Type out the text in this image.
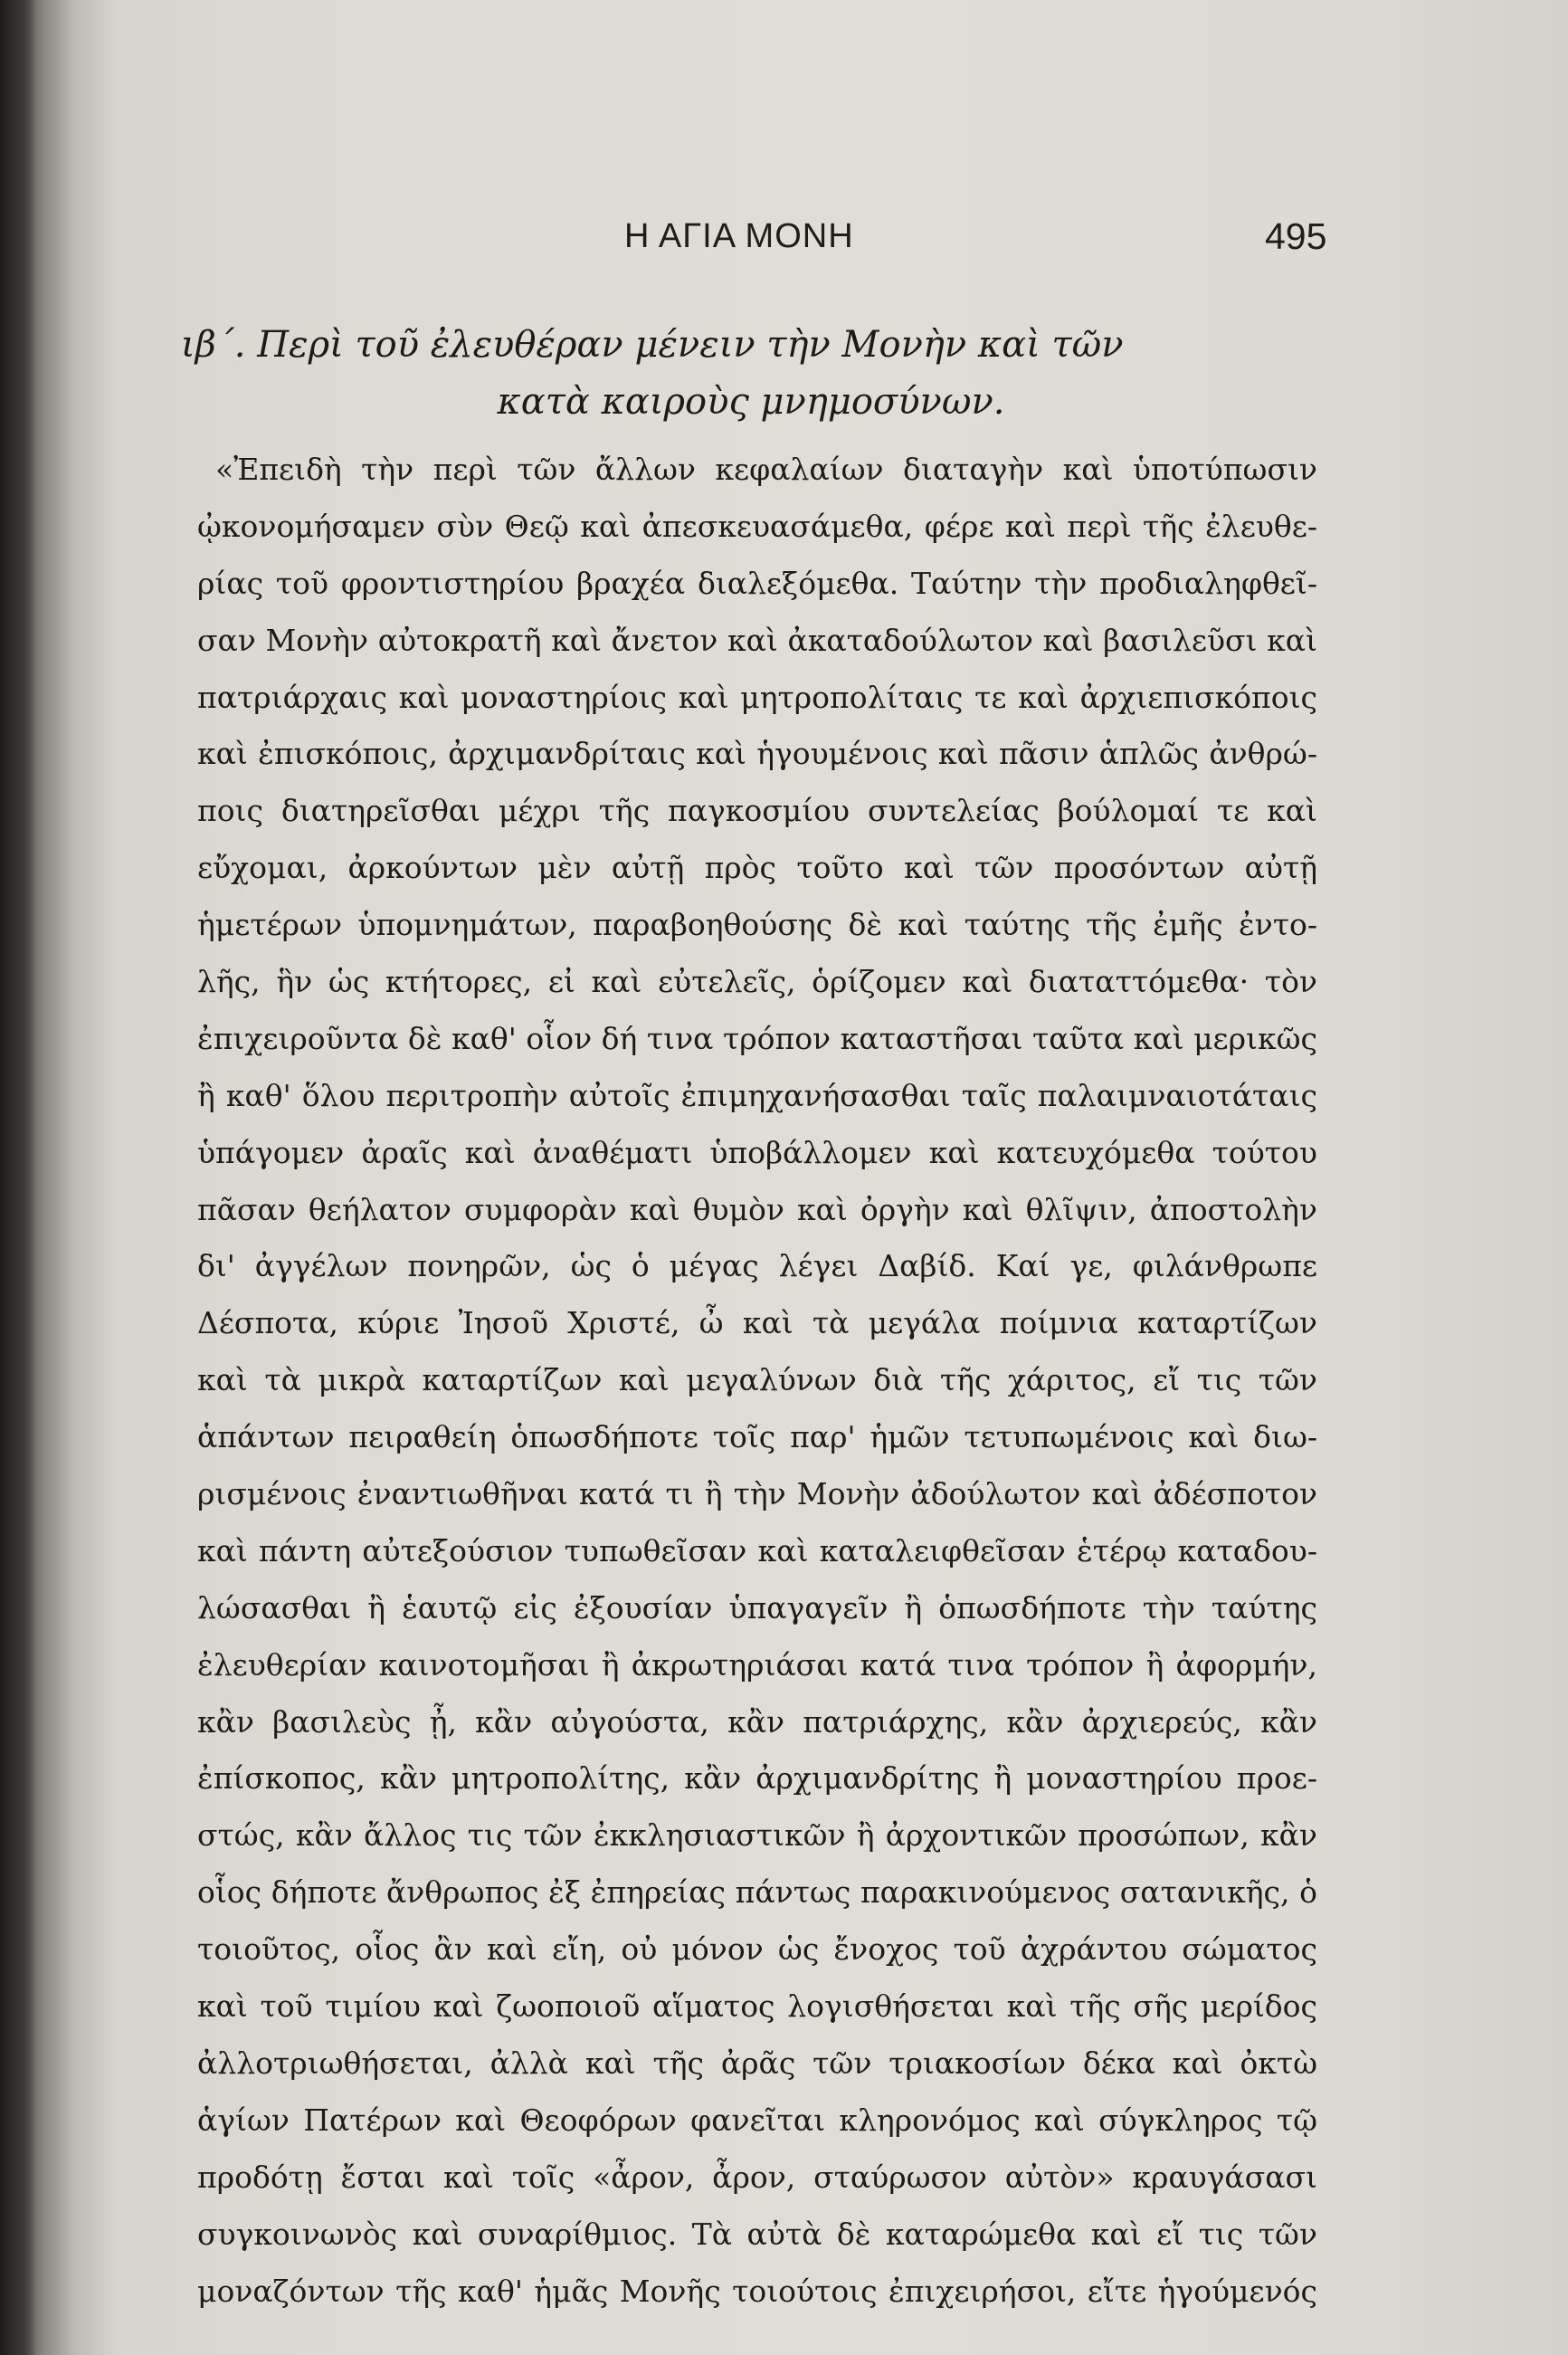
Η ΑΓΙΑ ΜΟΝΗ	495
ιβ΄. Περὶ τοῦ ἐλευθέραν μένειν τὴν Μονὴν καὶ τῶν
κατὰ καιροὺς μνημοσύνων.
«Ἐπειδὴ τὴν περὶ τῶν ἄλλων κεφαλαίων διαταγὴν καὶ ὑποτύπωσιν
ᾠκονομήσαμεν σὺν Θεῷ καὶ ἀπεσκευασάμεθα, φέρε καὶ περὶ τῆς ἐλευθε-
ρίας τοῦ φροντιστηρίου βραχέα διαλεξόμεθα. Ταύτην τὴν προδιαληφθεῖ-
σαν Μονὴν αὐτοκρατῆ καὶ ἄνετον καὶ ἀκαταδούλωτον καὶ βασιλεῦσι καὶ
πατριάρχαις καὶ μοναστηρίοις καὶ μητροπολίταις τε καὶ ἀρχιεπισκόποις
καὶ ἐπισκόποις, ἀρχιμανδρίταις καὶ ἡγουμένοις καὶ πᾶσιν ἁπλῶς ἀνθρώ-
ποις διατηρεῖσθαι μέχρι τῆς παγκοσμίου συντελείας βούλομαί τε καὶ
εὔχομαι, ἀρκούντων μὲν αὐτῇ πρὸς τοῦτο καὶ τῶν προσόντων αὐτῇ
ἡμετέρων ὑπομνημάτων, παραβοηθούσης δὲ καὶ ταύτης τῆς ἐμῆς ἐντο-
λῆς, ἣν ὡς κτήτορες, εἰ καὶ εὐτελεῖς, ὁρίζομεν καὶ διαταττόμεθα· τὸν
ἐπιχειροῦντα δὲ καθ' οἷον δή τινα τρόπον καταστῆσαι ταῦτα καὶ μερικῶς
ἢ καθ' ὅλου περιτροπὴν αὐτοῖς ἐπιμηχανήσασθαι ταῖς παλαιμναιοτάταις
ὑπάγομεν ἀραῖς καὶ ἀναθέματι ὑποβάλλομεν καὶ κατευχόμεθα τούτου
πᾶσαν θεήλατον συμφορὰν καὶ θυμὸν καὶ ὀργὴν καὶ θλῖψιν, ἀποστολὴν
δι' ἀγγέλων πονηρῶν, ὡς ὁ μέγας λέγει Δαβίδ. Καί γε, φιλάνθρωπε
Δέσποτα, κύριε Ἰησοῦ Χριστέ, ὦ καὶ τὰ μεγάλα ποίμνια καταρτίζων
καὶ τὰ μικρὰ καταρτίζων καὶ μεγαλύνων διὰ τῆς χάριτος, εἴ τις τῶν
ἁπάντων πειραθείη ὁπωσδήποτε τοῖς παρ' ἡμῶν τετυπωμένοις καὶ διω-
ρισμένοις ἐναντιωθῆναι κατά τι ἢ τὴν Μονὴν ἀδούλωτον καὶ ἀδέσποτον
καὶ πάντη αὐτεξούσιον τυπωθεῖσαν καὶ καταλειφθεῖσαν ἑτέρῳ καταδου-
λώσασθαι ἢ ἑαυτῷ εἰς ἐξουσίαν ὑπαγαγεῖν ἢ ὁπωσδήποτε τὴν ταύτης
ἐλευθερίαν καινοτομῆσαι ἢ ἀκρωτηριάσαι κατά τινα τρόπον ἢ ἀφορμήν,
κἂν βασιλεὺς ᾖ, κἂν αὐγούστα, κἂν πατριάρχης, κἂν ἀρχιερεύς, κἂν
ἐπίσκοπος, κἂν μητροπολίτης, κἂν ἀρχιμανδρίτης ἢ μοναστηρίου προε-
στώς, κἂν ἄλλος τις τῶν ἐκκλησιαστικῶν ἢ ἀρχοντικῶν προσώπων, κἂν
οἷος δήποτε ἄνθρωπος ἐξ ἐπηρείας πάντως παρακινούμενος σατανικῆς, ὁ
τοιοῦτος, οἷος ἂν καὶ εἴη, οὐ μόνον ὡς ἔνοχος τοῦ ἀχράντου σώματος
καὶ τοῦ τιμίου καὶ ζωοποιοῦ αἵματος λογισθήσεται καὶ τῆς σῆς μερίδος
ἀλλοτριωθήσεται, ἀλλὰ καὶ τῆς ἀρᾶς τῶν τριακοσίων δέκα καὶ ὀκτὼ
ἁγίων Πατέρων καὶ Θεοφόρων φανεῖται κληρονόμος καὶ σύγκληρος τῷ
προδότῃ ἔσται καὶ τοῖς «ἆρον, ἆρον, σταύρωσον αὐτὸν» κραυγάσασι
συγκοινωνὸς καὶ συναρίθμιος. Τὰ αὐτὰ δὲ καταρώμεθα καὶ εἴ τις τῶν
μοναζόντων τῆς καθ' ἡμᾶς Μονῆς τοιούτοις ἐπιχειρήσοι, εἴτε ἡγούμενός
